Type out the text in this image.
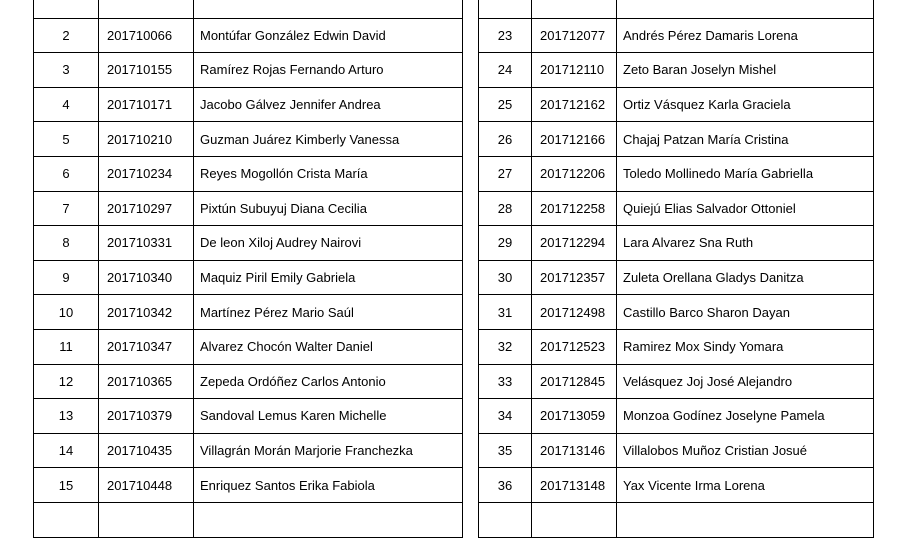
2	201710066	Montúfar González Edwin David
3	201710155	Ramírez Rojas Fernando Arturo
4	201710171	Jacobo Gálvez Jennifer Andrea
5	201710210	Guzman Juárez Kimberly Vanessa
6	201710234	Reyes Mogollón Crista María
7	201710297	Pixtún Subuyuj Diana Cecilia
8	201710331	De leon Xiloj Audrey Nairovi
9	201710340	Maquiz Piril Emily Gabriela
10	201710342	Martínez Pérez Mario Saúl
11	201710347	Alvarez Chocón Walter Daniel
12	201710365	Zepeda Ordóñez Carlos Antonio
13	201710379	Sandoval Lemus Karen Michelle
14	201710435	Villagrán Morán Marjorie Franchezka
15	201710448	Enriquez Santos Erika Fabiola

23	201712077	Andrés Pérez Damaris Lorena
24	201712110	Zeto Baran Joselyn Mishel
25	201712162	Ortiz Vásquez Karla Graciela
26	201712166	Chajaj Patzan María Cristina
27	201712206	Toledo Mollinedo María Gabriella
28	201712258	Quiejú Elias Salvador Ottoniel
29	201712294	Lara Alvarez Sna Ruth
30	201712357	Zuleta Orellana Gladys Danitza
31	201712498	Castillo Barco Sharon Dayan
32	201712523	Ramirez Mox Sindy Yomara
33	201712845	Velásquez Joj José Alejandro
34	201713059	Monzoa Godínez Joselyne Pamela
35	201713146	Villalobos Muñoz Cristian Josué
36	201713148	Yax Vicente Irma Lorena
